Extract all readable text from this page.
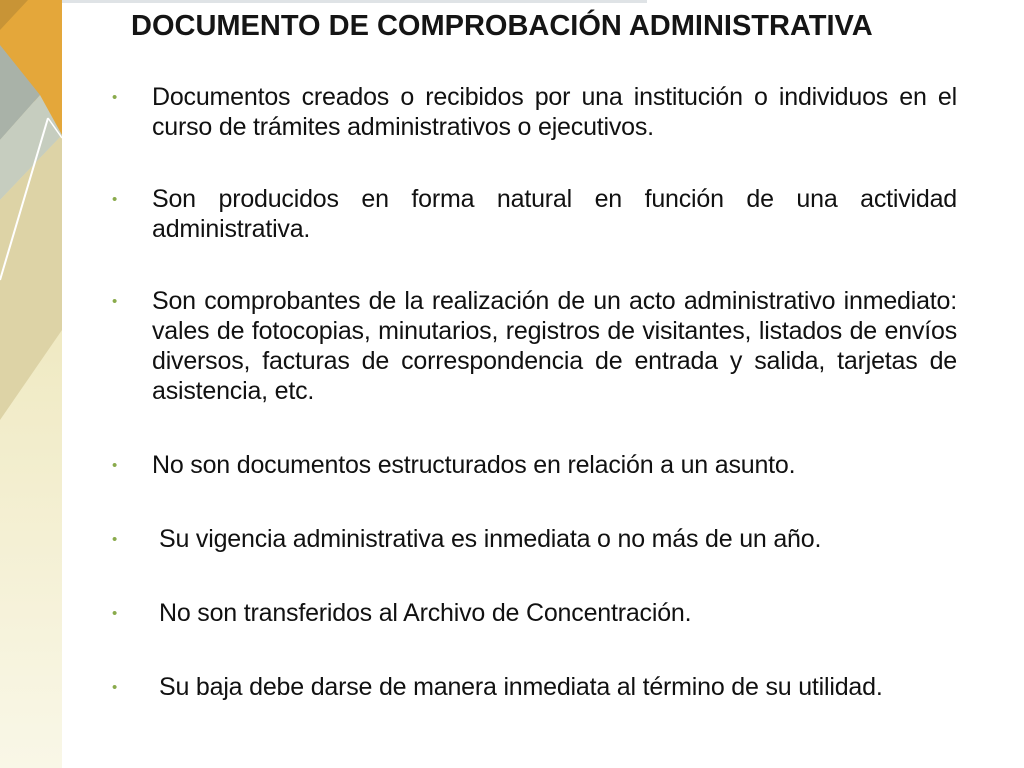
DOCUMENTO DE COMPROBACIÓN ADMINISTRATIVA
• Documentos creados o recibidos por una institución o individuos en el curso de trámites administrativos o ejecutivos.
• Son producidos en forma natural en función de una actividad administrativa.
• Son comprobantes de la realización de un acto administrativo inmediato: vales de fotocopias, minutarios, registros de visitantes, listados de envíos diversos, facturas de correspondencia de entrada y salida, tarjetas de asistencia, etc.
• No son documentos estructurados en relación a un asunto.
• Su vigencia administrativa es inmediata o no más de un año.
• No son transferidos al Archivo de Concentración.
• Su baja debe darse de manera inmediata al término de su utilidad.
